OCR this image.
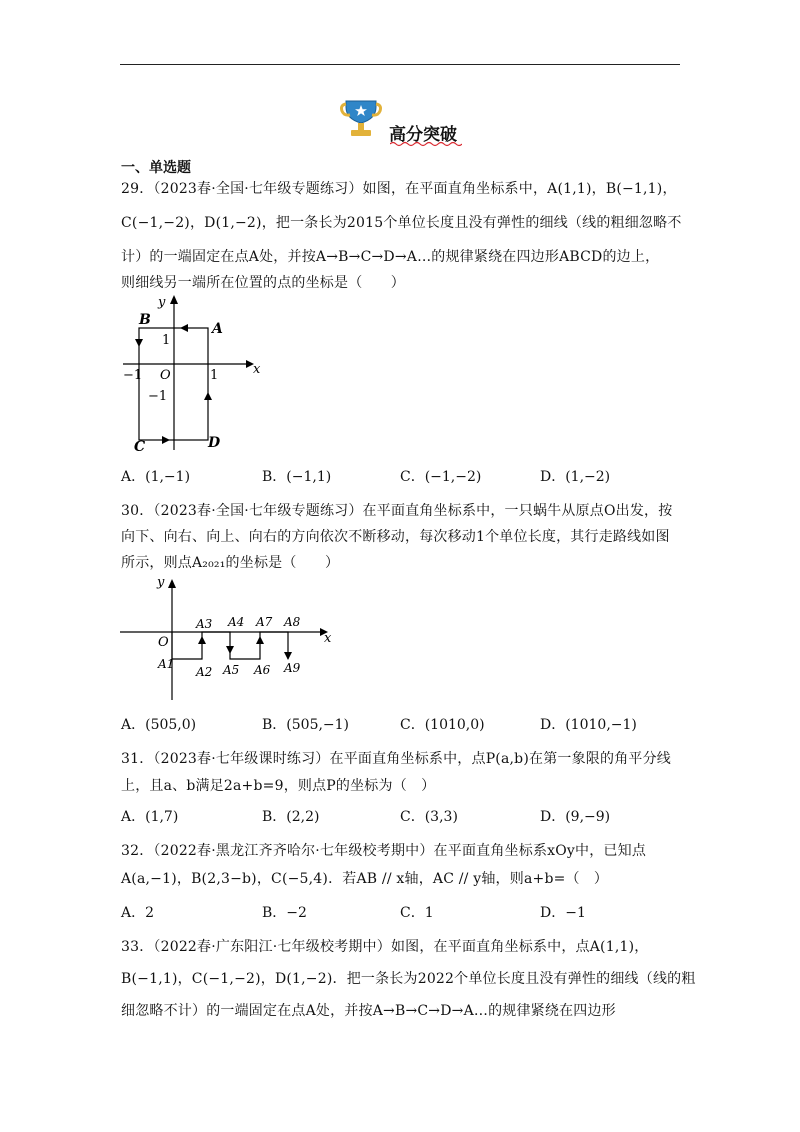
高分突破
一、单选题
29．（2023春·全国·七年级专题练习）如图，在平面直角坐标系中，A(1,1)，B(−1,1)，
C(−1,−2)，D(1,−2)，把一条长为2015个单位长度且没有弹性的细线（线的粗细忽略不
计）的一端固定在点A处，并按A→B→C→D→A…的规律紧绕在四边形ABCD的边上，
则细线另一端所在位置的点的坐标是（　　）
y
x
B
A
C	D
O
1
−1
−1	1
A．(1,−1)	B．(−1,1)	C．(−1,−2)	D．(1,−2)
30．（2023春·全国·七年级专题练习）在平面直角坐标系中，一只蜗牛从原点O出发，按
向下、向右、向上、向右的方向依次不断移动，每次移动1个单位长度，其行走路线如图
所示，则点A₂₀₂₁的坐标是（　　）
y
x
O
A1
A2
A3 A4
A5 A6
A7 A8
A9
A．(505,0)	B．(505,−1)	C．(1010,0)	D．(1010,−1)
31．（2023春·七年级课时练习）在平面直角坐标系中，点P(a,b)在第一象限的角平分线
上，且a、b满足2a+b=9，则点P的坐标为（　）
A．(1,7)	B．(2,2)	C．(3,3)	D．(9,−9)
32．（2022春·黑龙江齐齐哈尔·七年级校考期中）在平面直角坐标系xOy中，已知点
A(a,−1)，B(2,3−b)，C(−5,4)．若AB // x轴，AC // y轴，则a+b=（　）
A．2	B．−2	C．1	D．−1
33．（2022春·广东阳江·七年级校考期中）如图，在平面直角坐标系中，点A(1,1)，
B(−1,1)，C(−1,−2)，D(1,−2)．把一条长为2022个单位长度且没有弹性的细线（线的粗
细忽略不计）的一端固定在点A处，并按A→B→C→D→A…的规律紧绕在四边形
